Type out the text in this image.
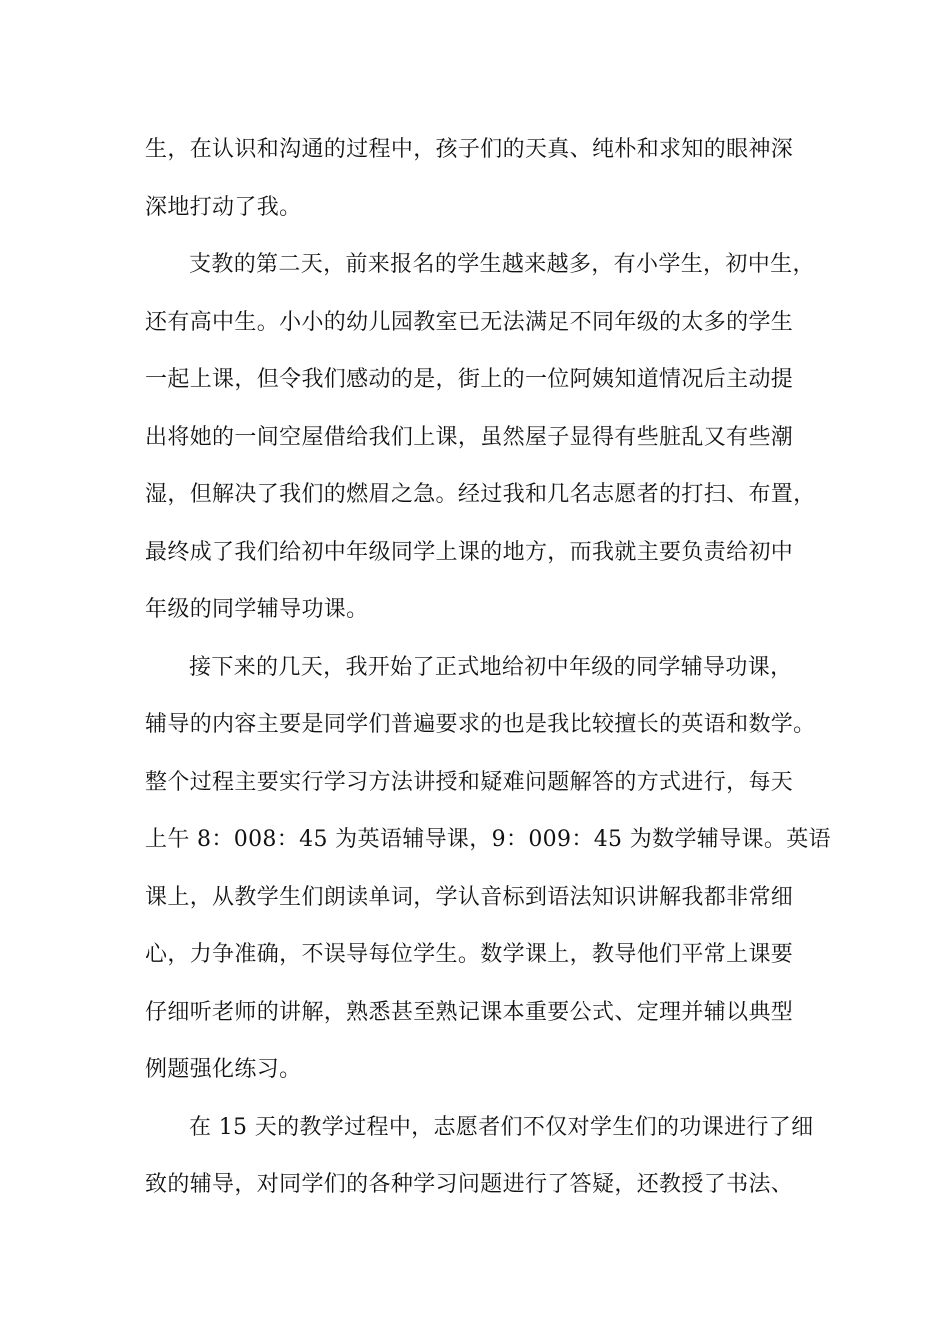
生，在认识和沟通的过程中，孩子们的天真、纯朴和求知的眼神深
深地打动了我。
支教的第二天，前来报名的学生越来越多，有小学生，初中生，
还有高中生。小小的幼儿园教室已无法满足不同年级的太多的学生
一起上课，但令我们感动的是，街上的一位阿姨知道情况后主动提
出将她的一间空屋借给我们上课，虽然屋子显得有些脏乱又有些潮
湿，但解决了我们的燃眉之急。经过我和几名志愿者的打扫、布置，
最终成了我们给初中年级同学上课的地方，而我就主要负责给初中
年级的同学辅导功课。
接下来的几天，我开始了正式地给初中年级的同学辅导功课，
辅导的内容主要是同学们普遍要求的也是我比较擅长的英语和数学。
整个过程主要实行学习方法讲授和疑难问题解答的方式进行，每天
上午 8：008：45 为英语辅导课，9：009：45 为数学辅导课。英语
课上，从教学生们朗读单词，学认音标到语法知识讲解我都非常细
心，力争准确，不误导每位学生。数学课上，教导他们平常上课要
仔细听老师的讲解，熟悉甚至熟记课本重要公式、定理并辅以典型
例题强化练习。
在 15 天的教学过程中，志愿者们不仅对学生们的功课进行了细
致的辅导，对同学们的各种学习问题进行了答疑，还教授了书法、
